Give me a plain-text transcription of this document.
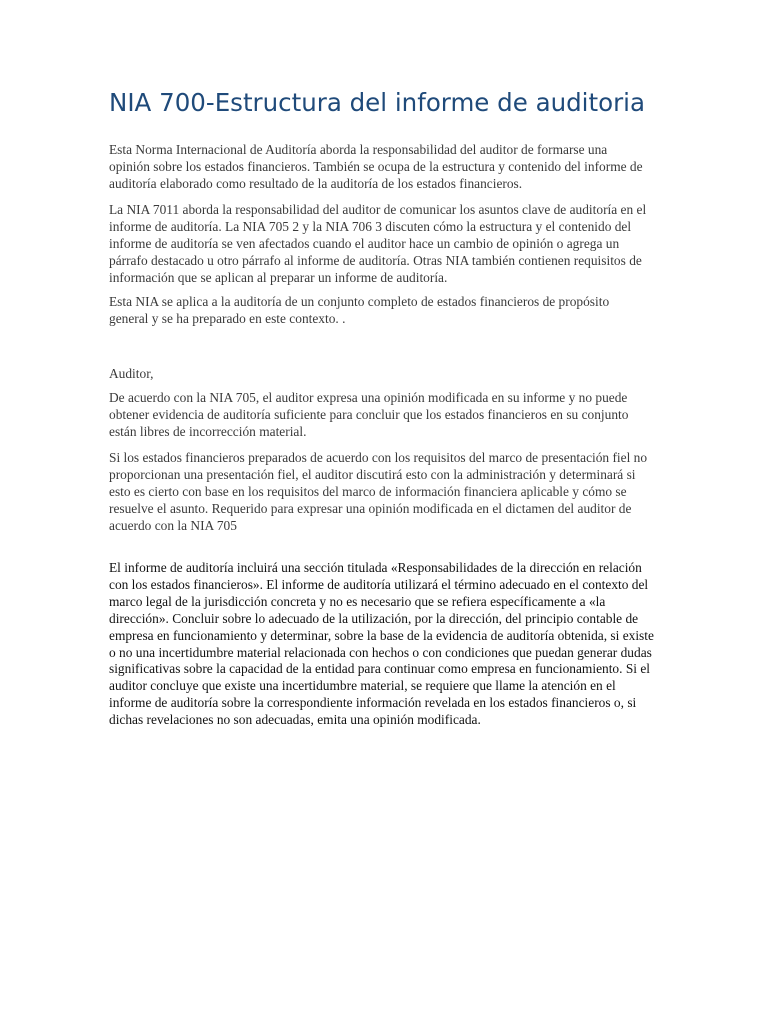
NIA 700-Estructura del informe de auditoria

Esta Norma Internacional de Auditoría aborda la responsabilidad del auditor de formarse una opinión sobre los estados financieros. También se ocupa de la estructura y contenido del informe de auditoría elaborado como resultado de la auditoría de los estados financieros.

La NIA 7011 aborda la responsabilidad del auditor de comunicar los asuntos clave de auditoría en el informe de auditoría. La NIA 705 2 y la NIA 706 3 discuten cómo la estructura y el contenido del informe de auditoría se ven afectados cuando el auditor hace un cambio de opinión o agrega un párrafo destacado u otro párrafo al informe de auditoría. Otras NIA también contienen requisitos de información que se aplican al preparar un informe de auditoría.

Esta NIA se aplica a la auditoría de un conjunto completo de estados financieros de propósito general y se ha preparado en este contexto. .

Auditor,

De acuerdo con la NIA 705, el auditor expresa una opinión modificada en su informe y no puede obtener evidencia de auditoría suficiente para concluir que los estados financieros en su conjunto están libres de incorrección material.

Si los estados financieros preparados de acuerdo con los requisitos del marco de presentación fiel no proporcionan una presentación fiel, el auditor discutirá esto con la administración y determinará si esto es cierto con base en los requisitos del marco de información financiera aplicable y cómo se resuelve el asunto. Requerido para expresar una opinión modificada en el dictamen del auditor de acuerdo con la NIA 705

El informe de auditoría incluirá una sección titulada «Responsabilidades de la dirección en relación con los estados financieros». El informe de auditoría utilizará el término adecuado en el contexto del marco legal de la jurisdicción concreta y no es necesario que se refiera específicamente a «la dirección». Concluir sobre lo adecuado de la utilización, por la dirección, del principio contable de empresa en funcionamiento y determinar, sobre la base de la evidencia de auditoría obtenida, si existe o no una incertidumbre material relacionada con hechos o con condiciones que puedan generar dudas significativas sobre la capacidad de la entidad para continuar como empresa en funcionamiento. Si el auditor concluye que existe una incertidumbre material, se requiere que llame la atención en el informe de auditoría sobre la correspondiente información revelada en los estados financieros o, si dichas revelaciones no son adecuadas, emita una opinión modificada.
